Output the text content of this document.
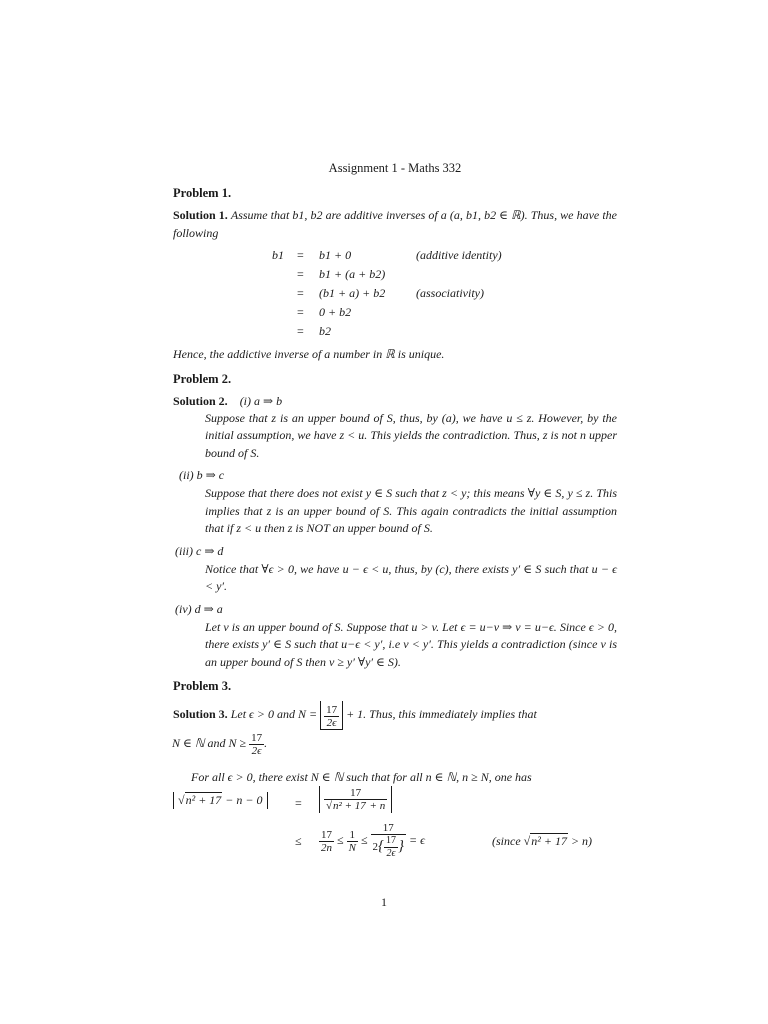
Assignment 1 - Maths 332
Problem 1.

Solution 1. Assume that b1, b2 are additive inverses of a (a, b1, b2 ∈ ℝ). Thus, we have the following

b1 = b1 + 0	(additive identity)
= b1 + (a + b2)
= (b1 + a) + b2	(associativity)
= 0 + b2
= b2

Hence, the addictive inverse of a number in ℝ is unique.

Problem 2.
Solution 2. (i) a ⇒ b

Suppose that z is an upper bound of S, thus, by (a), we have u ≤ z. However, by the initial assumption, we have z < u. This yields the contradiction. Thus, z is not n upper bound of S.

(ii) b ⇒ c

Suppose that there does not exist y ∈ S such that z < y; this means ∀y ∈ S, y ≤ z. This implies that z is an upper bound of S. This again contradicts the initial assumption that if z < u then z is NOT an upper bound of S.

(iii) c ⇒ d

Notice that ∀ϵ > 0, we have u − ϵ < u, thus, by (c), there exists y′ ∈ S such that u − ϵ < y′.

(iv) d ⇒ a

Let v is an upper bound of S. Suppose that u > v. Let ϵ = u−v ⇒ v = u−ϵ. Since ϵ > 0, there exists y′ ∈ S such that u−ϵ < y′, i.e v < y′. This yields a contradiction (since v is an upper bound of S then v ≥ y′ ∀y′ ∈ S).

Problem 3.
Solution 3. Let ϵ > 0 and $N = \frac{17}{2\epsilon} + 1$. Thus, this immediately implies that
N ∈ ℕ and $N \ge \frac{17}{2\epsilon}$ .

For all ϵ > 0, there exist N ∈ ℕ such that for all n ∈ ℕ, n ≥ N, one has

√n² + 17 − n − 0	= $\frac{17}{\text{√n² + 17 + n}}$
≤ $\frac{17}{2n} \le \frac{1}{N} \le \frac{17}{2\{ \frac{17}{2\epsilon} \}} = \epsilon$	(since √n² + 17 > n)
1
